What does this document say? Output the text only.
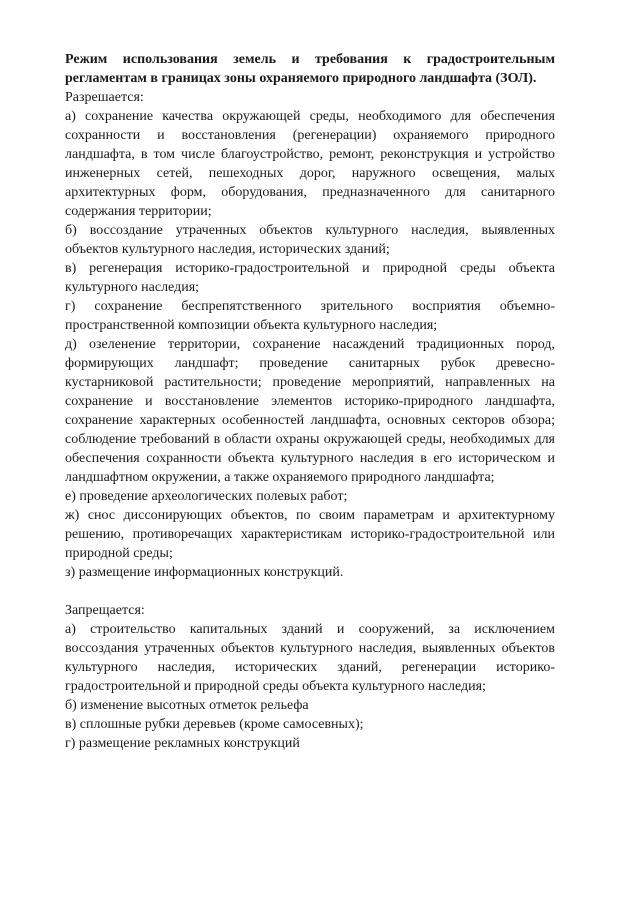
Режим использования земель и требования к градостроительным регламентам в границах зоны охраняемого природного ландшафта (ЗОЛ).

Разрешается:

а) сохранение качества окружающей среды, необходимого для обеспечения сохранности и восстановления (регенерации) охраняемого природного ландшафта, в том числе благоустройство, ремонт, реконструкция и устройство инженерных сетей, пешеходных дорог, наружного освещения, малых архитектурных форм, оборудования, предназначенного для санитарного содержания территории;

б) воссоздание утраченных объектов культурного наследия, выявленных объектов культурного наследия, исторических зданий;

в) регенерация историко-градостроительной и природной среды объекта культурного наследия;

г) сохранение беспрепятственного зрительного восприятия объемно-пространственной композиции объекта культурного наследия;

д) озеленение территории, сохранение насаждений традиционных пород, формирующих ландшафт; проведение санитарных рубок древесно-кустарниковой растительности; проведение мероприятий, направленных на сохранение и восстановление элементов историко-природного ландшафта, сохранение характерных особенностей ландшафта, основных секторов обзора; соблюдение требований в области охраны окружающей среды, необходимых для обеспечения сохранности объекта культурного наследия в его историческом и ландшафтном окружении, а также охраняемого природного ландшафта;

е) проведение археологических полевых работ;

ж) снос диссонирующих объектов, по своим параметрам и архитектурному решению, противоречащих характеристикам историко-градостроительной или природной среды;

з) размещение информационных конструкций.

Запрещается:

а) строительство капитальных зданий и сооружений, за исключением воссоздания утраченных объектов культурного наследия, выявленных объектов культурного наследия, исторических зданий, регенерации историко-градостроительной и природной среды объекта культурного наследия;

б) изменение высотных отметок рельефа

в) сплошные рубки деревьев (кроме самосевных);

г) размещение рекламных конструкций
